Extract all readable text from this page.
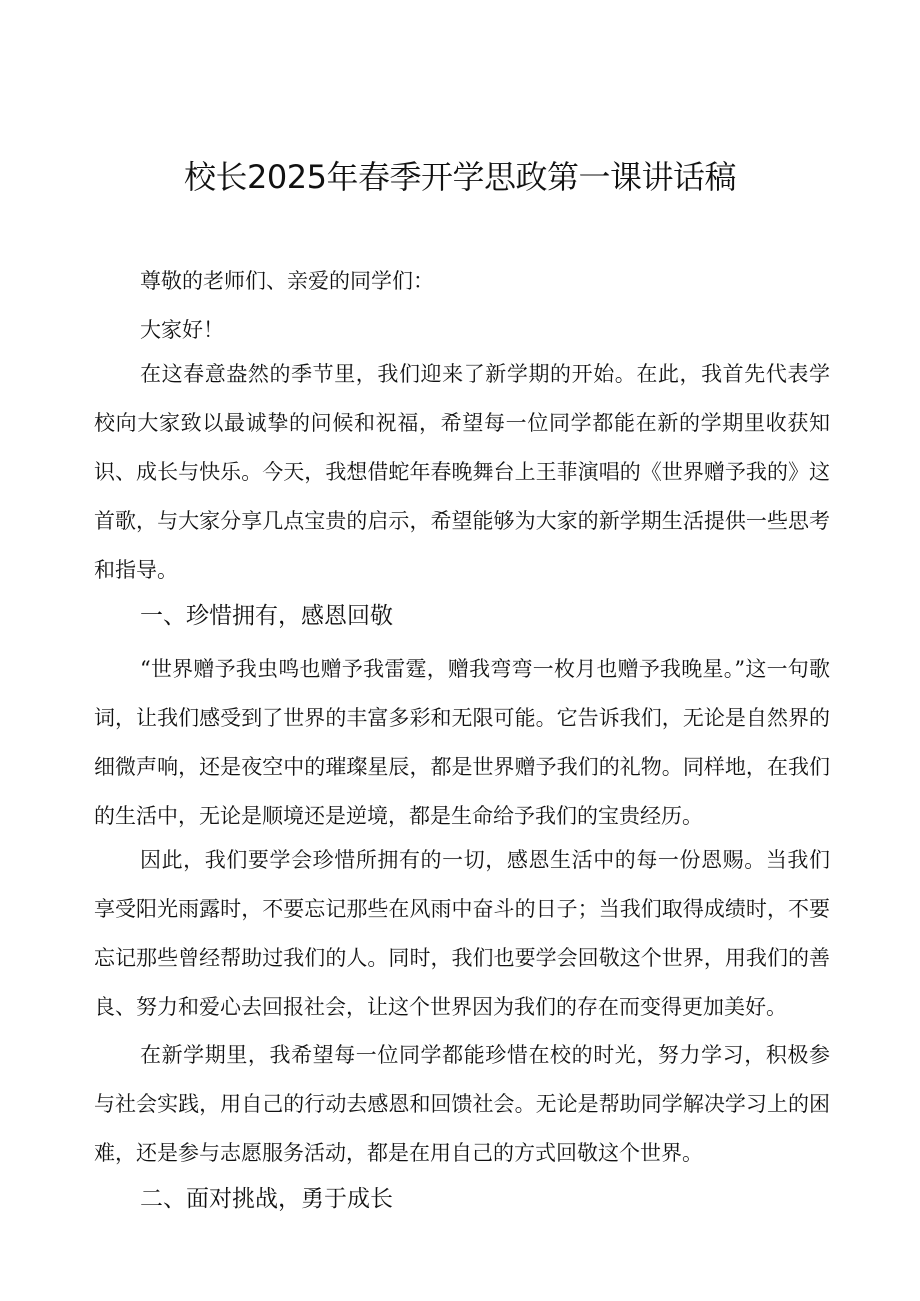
校长2025年春季开学思政第一课讲话稿

尊敬的老师们、亲爱的同学们：

大家好！

在这春意盎然的季节里，我们迎来了新学期的开始。在此，我首先代表学校向大家致以最诚挚的问候和祝福，希望每一位同学都能在新的学期里收获知识、成长与快乐。今天，我想借蛇年春晚舞台上王菲演唱的《世界赠予我的》这首歌，与大家分享几点宝贵的启示，希望能够为大家的新学期生活提供一些思考和指导。

一、珍惜拥有，感恩回敬

“世界赠予我虫鸣也赠予我雷霆，赠我弯弯一枚月也赠予我晚星。”这一句歌词，让我们感受到了世界的丰富多彩和无限可能。它告诉我们，无论是自然界的细微声响，还是夜空中的璀璨星辰，都是世界赠予我们的礼物。同样地，在我们的生活中，无论是顺境还是逆境，都是生命给予我们的宝贵经历。

因此，我们要学会珍惜所拥有的一切，感恩生活中的每一份恩赐。当我们享受阳光雨露时，不要忘记那些在风雨中奋斗的日子；当我们取得成绩时，不要忘记那些曾经帮助过我们的人。同时，我们也要学会回敬这个世界，用我们的善良、努力和爱心去回报社会，让这个世界因为我们的存在而变得更加美好。

在新学期里，我希望每一位同学都能珍惜在校的时光，努力学习，积极参与社会实践，用自己的行动去感恩和回馈社会。无论是帮助同学解决学习上的困难，还是参与志愿服务活动，都是在用自己的方式回敬这个世界。

二、面对挑战，勇于成长
